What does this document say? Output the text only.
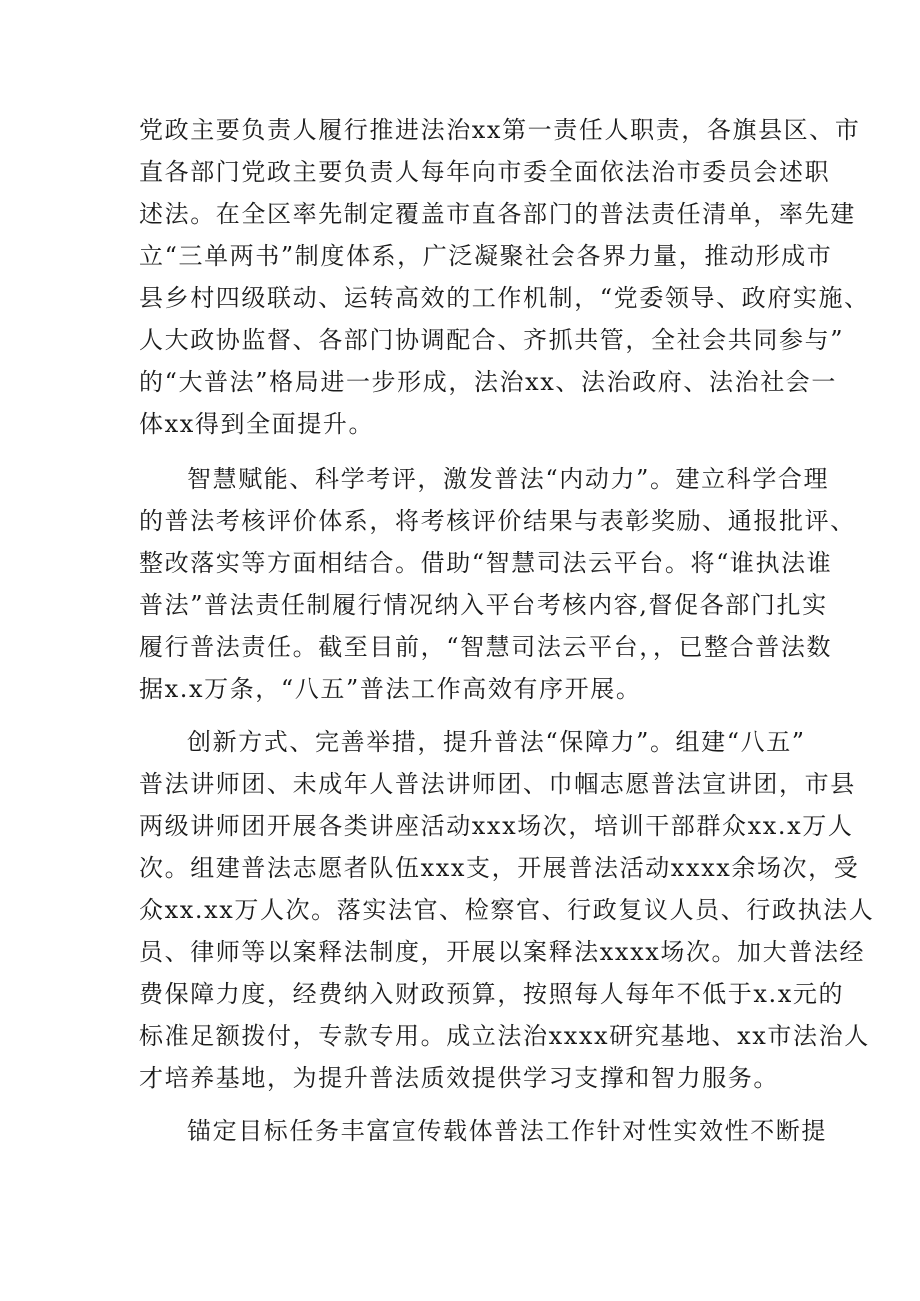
党政主要负责人履行推进法治xx第一责任人职责，各旗县区、市
直各部门党政主要负责人每年向市委全面依法治市委员会述职
述法。在全区率先制定覆盖市直各部门的普法责任清单，率先建
立“三单两书”制度体系，广泛凝聚社会各界力量，推动形成市
县乡村四级联动、运转高效的工作机制，“党委领导、政府实施、
人大政协监督、各部门协调配合、齐抓共管，全社会共同参与”
的“大普法”格局进一步形成，法治xx、法治政府、法治社会一
体xx得到全面提升。
智慧赋能、科学考评，激发普法“内动力”。建立科学合理
的普法考核评价体系，将考核评价结果与表彰奖励、通报批评、
整改落实等方面相结合。借助“智慧司法云平台。将“谁执法谁
普法”普法责任制履行情况纳入平台考核内容,督促各部门扎实
履行普法责任。截至目前，“智慧司法云平台，，已整合普法数
据x.x万条，“八五”普法工作高效有序开展。
创新方式、完善举措，提升普法“保障力”。组建“八五”
普法讲师团、未成年人普法讲师团、巾帼志愿普法宣讲团，市县
两级讲师团开展各类讲座活动xxx场次，培训干部群众xx.x万人
次。组建普法志愿者队伍xxx支，开展普法活动xxxx余场次，受
众xx.xx万人次。落实法官、检察官、行政复议人员、行政执法人
员、律师等以案释法制度，开展以案释法xxxx场次。加大普法经
费保障力度，经费纳入财政预算，按照每人每年不低于x.x元的
标准足额拨付，专款专用。成立法治xxxx研究基地、xx市法治人
才培养基地，为提升普法质效提供学习支撑和智力服务。
锚定目标任务丰富宣传载体普法工作针对性实效性不断提
